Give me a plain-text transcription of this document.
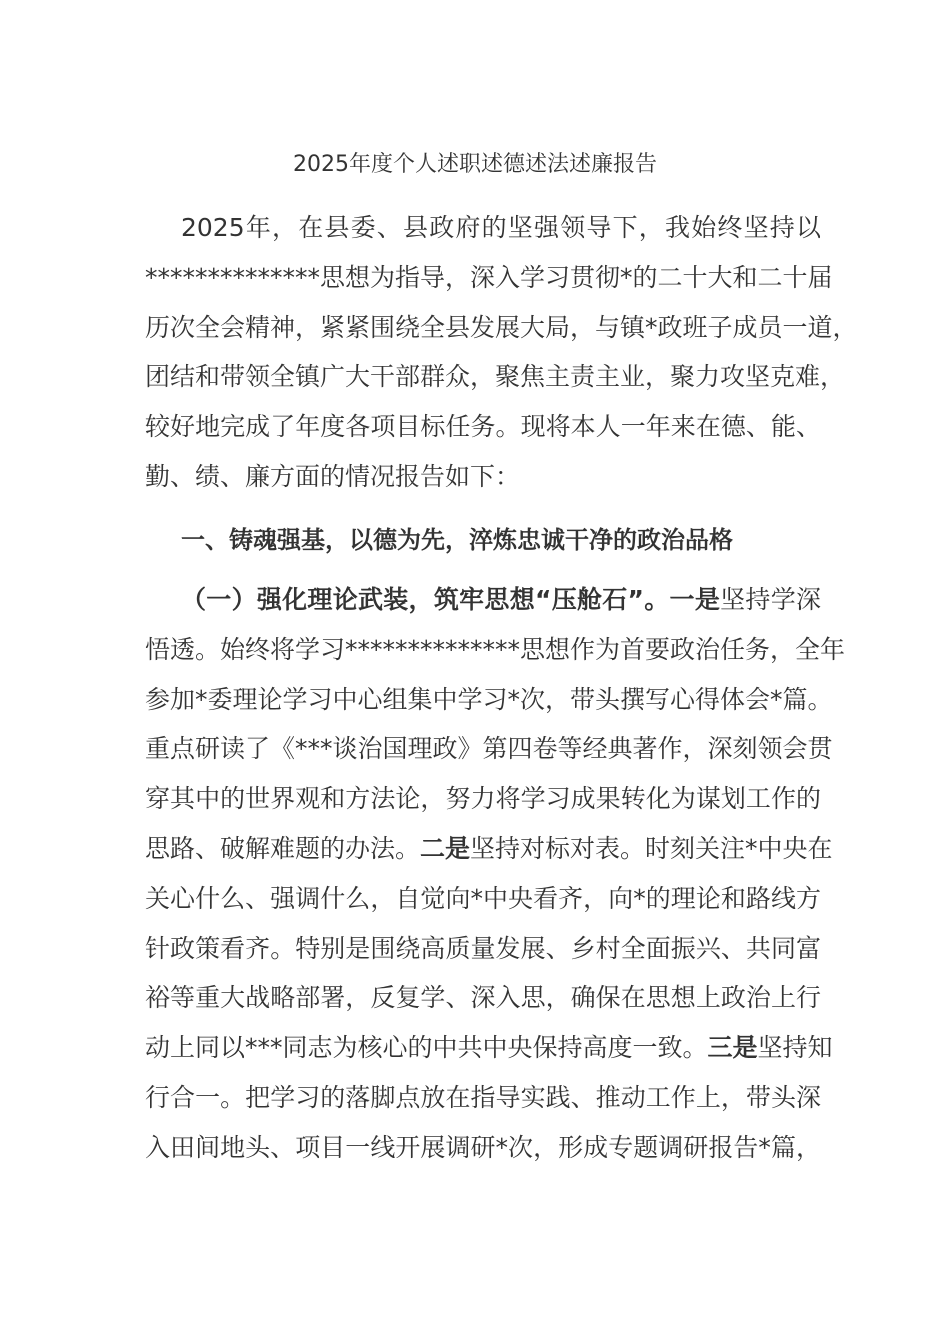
2025年度个人述职述德述法述廉报告
2025年，在县委、县政府的坚强领导下，我始终坚持以
**************思想为指导，深入学习贯彻*的二十大和二十届
历次全会精神，紧紧围绕全县发展大局，与镇*政班子成员一道，
团结和带领全镇广大干部群众，聚焦主责主业，聚力攻坚克难，
较好地完成了年度各项目标任务。现将本人一年来在德、能、
勤、绩、廉方面的情况报告如下：
一、铸魂强基，以德为先，淬炼忠诚干净的政治品格
（一）强化理论武装，筑牢思想“压舱石”。一是坚持学深
悟透。始终将学习**************思想作为首要政治任务，全年
参加*委理论学习中心组集中学习*次，带头撰写心得体会*篇。
重点研读了《***谈治国理政》第四卷等经典著作，深刻领会贯
穿其中的世界观和方法论，努力将学习成果转化为谋划工作的
思路、破解难题的办法。二是坚持对标对表。时刻关注*中央在
关心什么、强调什么，自觉向*中央看齐，向*的理论和路线方
针政策看齐。特别是围绕高质量发展、乡村全面振兴、共同富
裕等重大战略部署，反复学、深入思，确保在思想上政治上行
动上同以***同志为核心的中共中央保持高度一致。三是坚持知
行合一。把学习的落脚点放在指导实践、推动工作上，带头深
入田间地头、项目一线开展调研*次，形成专题调研报告*篇，
